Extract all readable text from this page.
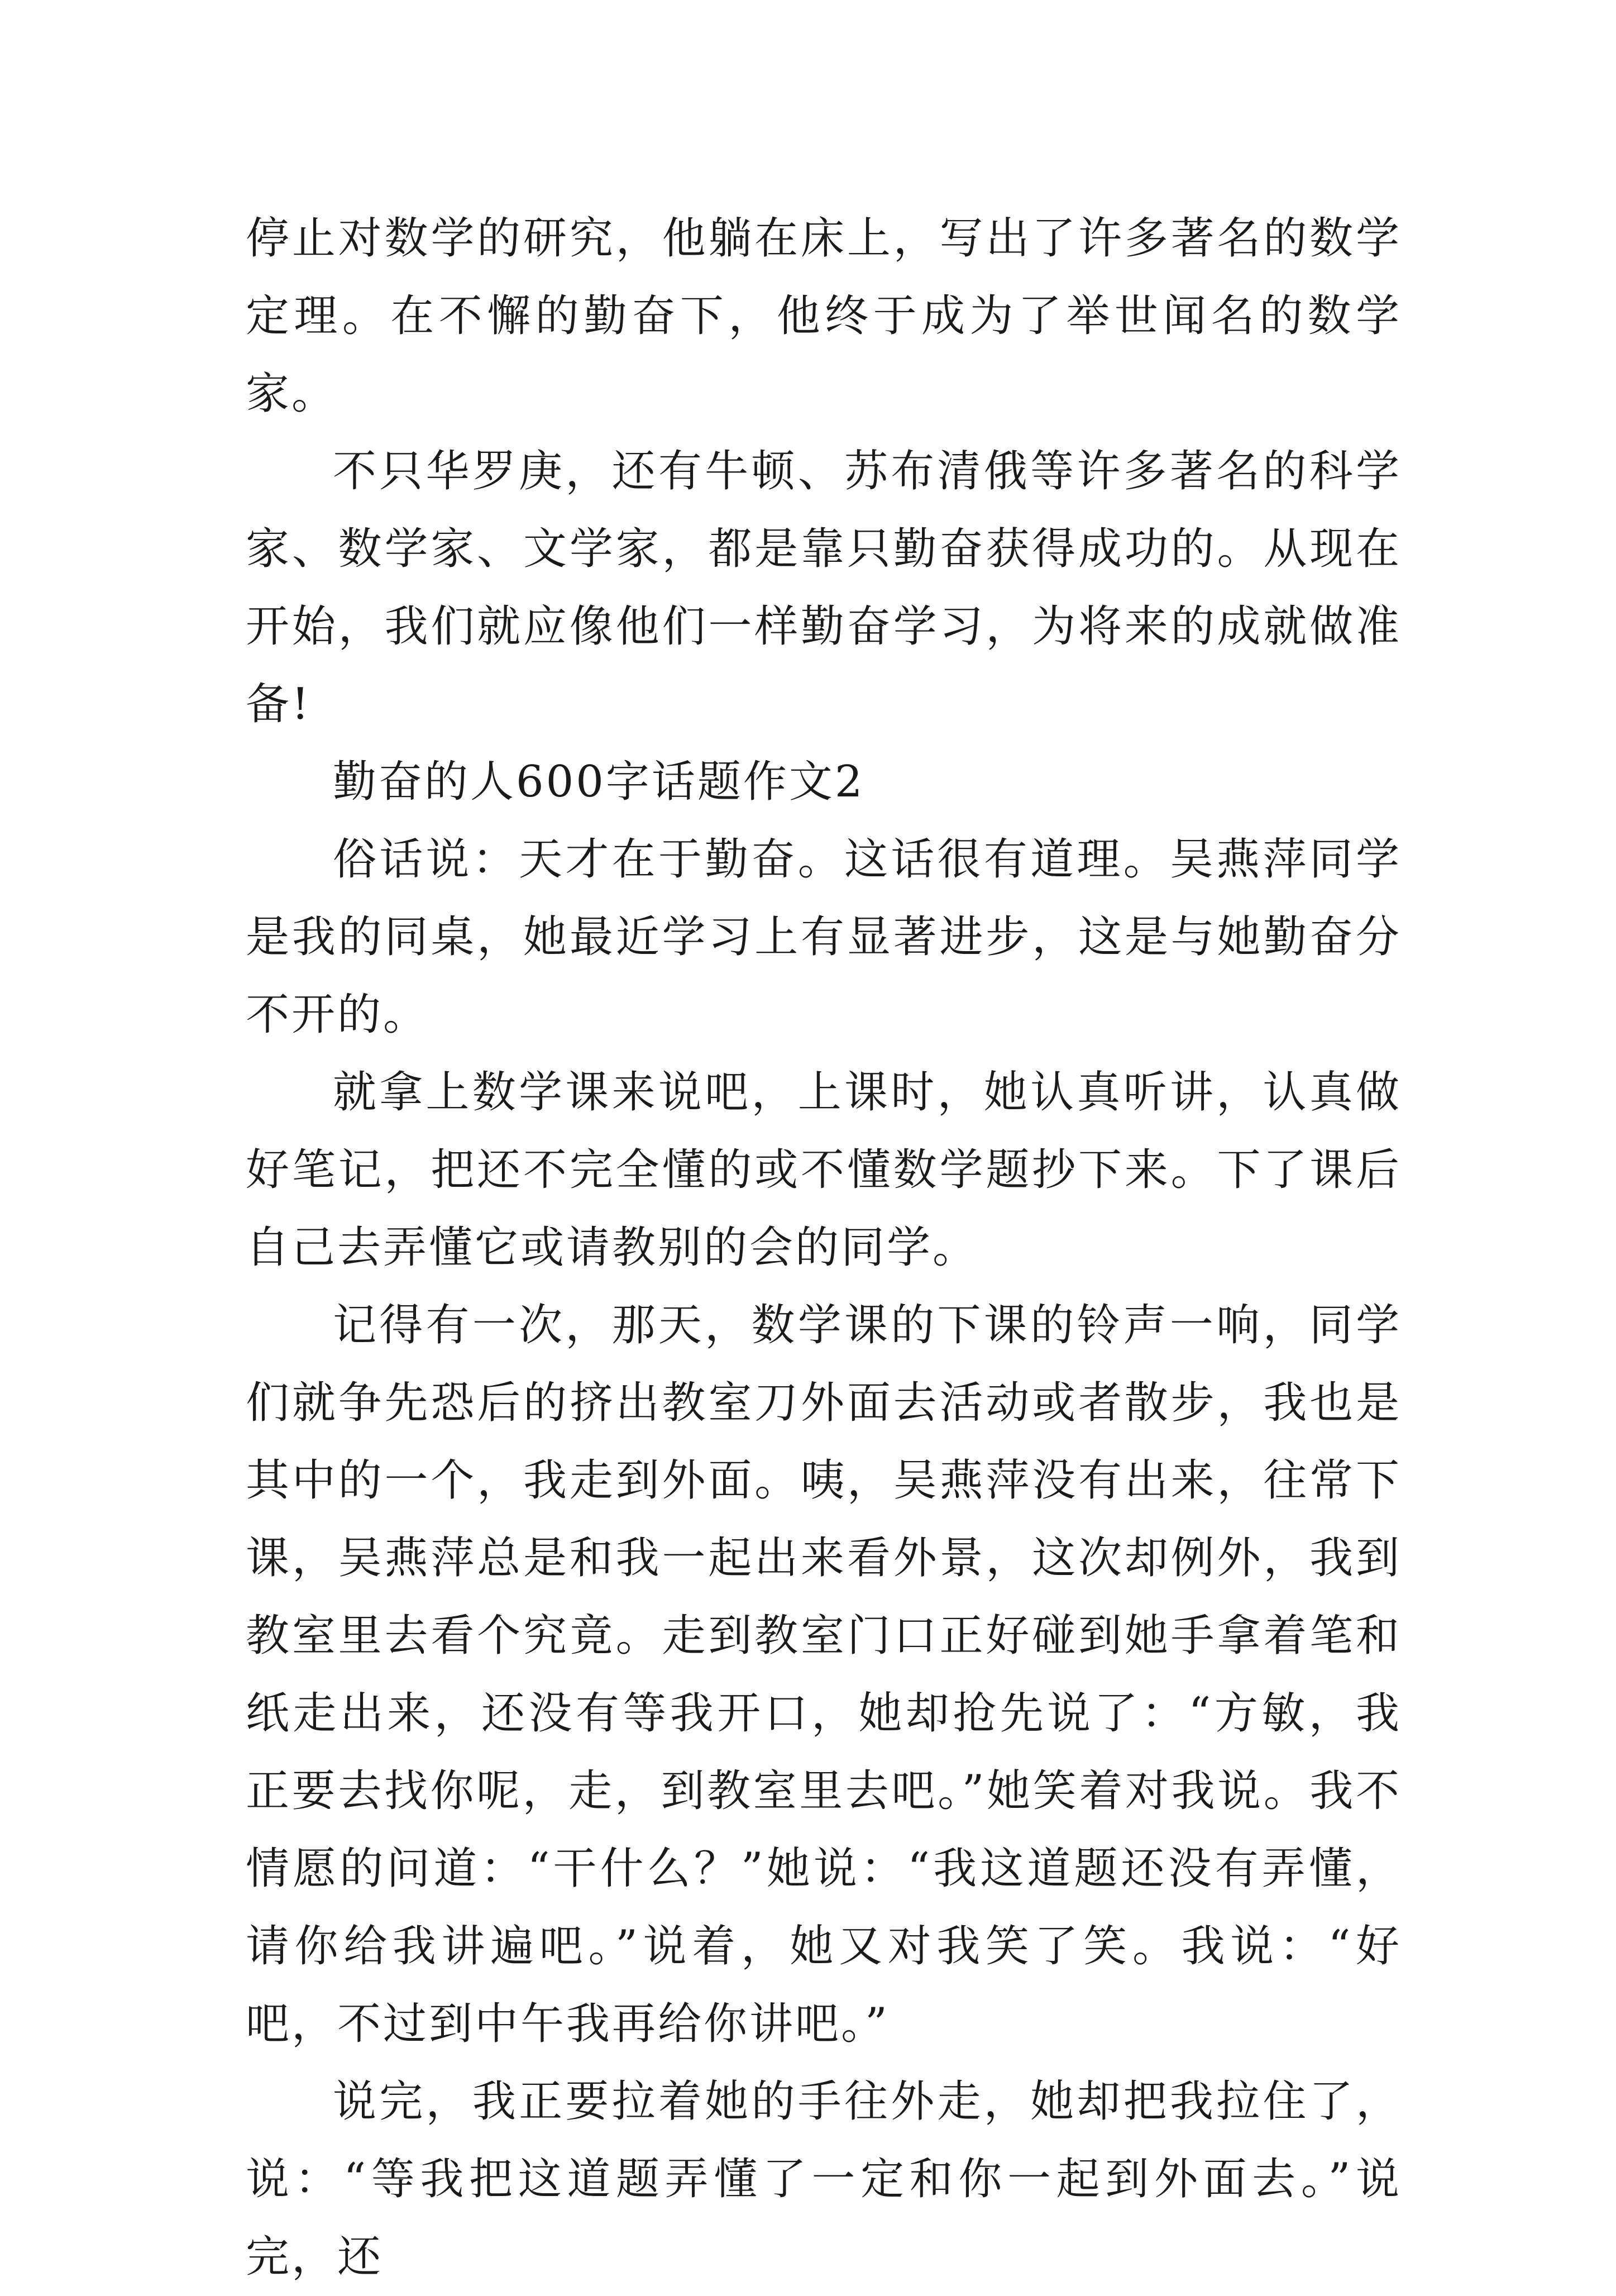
停止对数学的研究，他躺在床上，写出了许多著名的数学定理。在不懈的勤奋下，他终于成为了举世闻名的数学家。

不只华罗庚，还有牛顿、苏布清俄等许多著名的科学家、数学家、文学家，都是靠只勤奋获得成功的。从现在开始，我们就应像他们一样勤奋学习，为将来的成就做准备!

勤奋的人600字话题作文2

俗话说：天才在于勤奋。这话很有道理。吴燕萍同学是我的同桌，她最近学习上有显著进步，这是与她勤奋分不开的。

就拿上数学课来说吧，上课时，她认真听讲，认真做好笔记，把还不完全懂的或不懂数学题抄下来。下了课后自己去弄懂它或请教别的会的同学。

记得有一次，那天，数学课的下课的铃声一响，同学们就争先恐后的挤出教室刀外面去活动或者散步，我也是其中的一个，我走到外面。咦，吴燕萍没有出来，往常下课，吴燕萍总是和我一起出来看外景，这次却例外，我到教室里去看个究竟。走到教室门口正好碰到她手拿着笔和纸走出来，还没有等我开口，她却抢先说了：“方敏，我正要去找你呢，走，到教室里去吧。”她笑着对我说。我不情愿的问道：“干什么？”她说：“我这道题还没有弄懂，请你给我讲遍吧。”说着，她又对我笑了笑。我说：“好吧，不过到中午我再给你讲吧。”

说完，我正要拉着她的手往外走，她却把我拉住了，说：“等我把这道题弄懂了一定和你一起到外面去。”说完，还
